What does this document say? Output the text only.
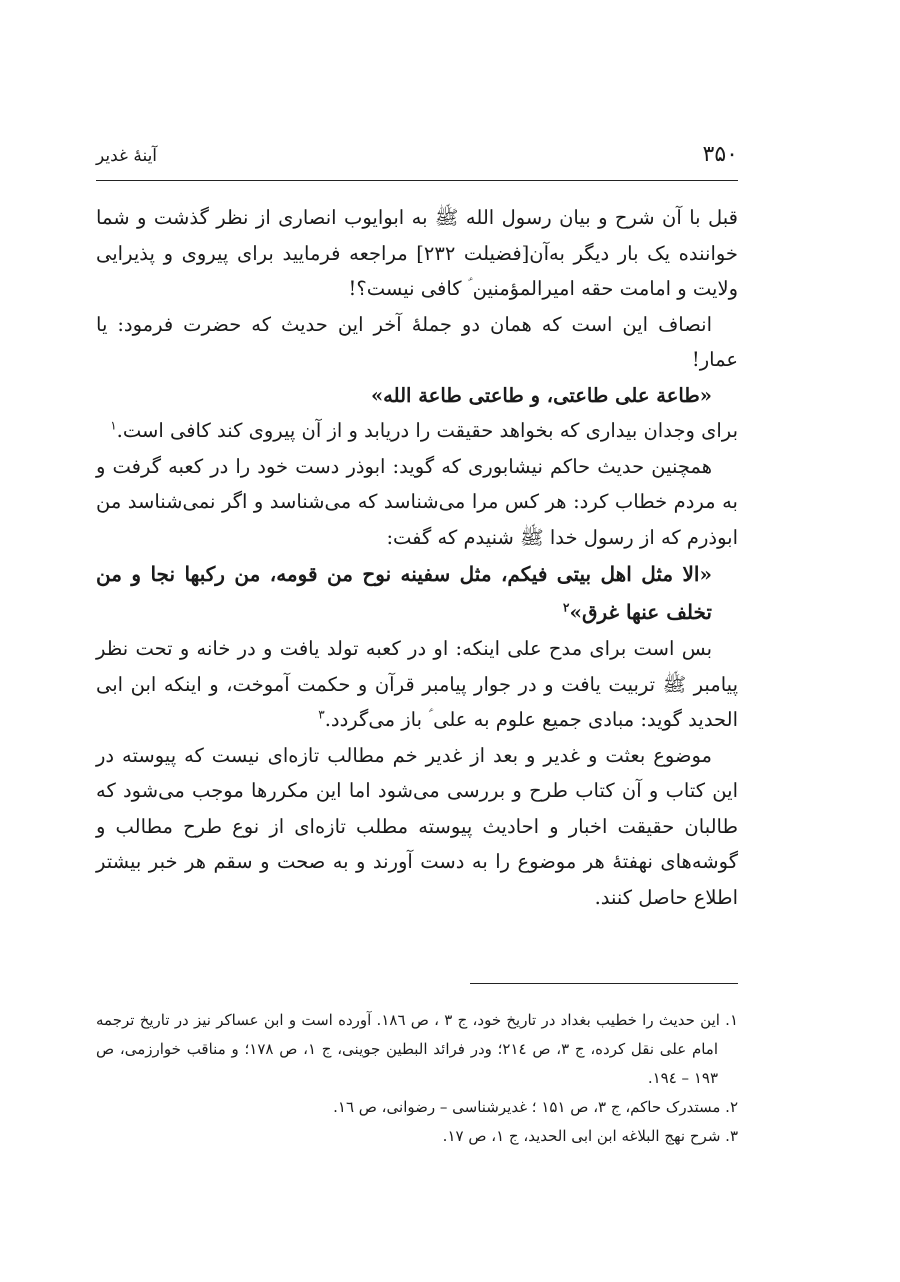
۳۵۰
آینهٔ غدیر

قبل با آن شرح و بیان رسول الله ﷺ به ابوایوب انصاری از نظر گذشت و شما خواننده یک بار دیگر به‌آن[فضیلت ۲۳۲] مراجعه فرمایید برای پیروی و پذیرایی ولایت و امامت حقه امیرالمؤمنین ؑ کافی نیست؟!

انصاف این است که همان دو جملهٔ آخر این حدیث که حضرت فرمود: یا عمار!

«طاعة علی طاعتی، و طاعتی طاعة الله»

برای وجدان بیداری که بخواهد حقیقت را دریابد و از آن پیروی کند کافی است.$^۱$

همچنین حدیث حاکم نیشابوری که گوید: ابوذر دست خود را در کعبه گرفت و به مردم خطاب کرد: هر کس مرا می‌شناسد که می‌شناسد و اگر نمی‌شناسد من ابوذرم که از رسول خدا ﷺ شنیدم که گفت:

«الا مثل اهل بیتی فیکم، مثل سفینه نوح من قومه، من رکبها نجا و من تخلف عنها غرق»$^۲$

بس است برای مدح علی اینکه: او در کعبه تولد یافت و در خانه و تحت نظر پیامبر ﷺ تربیت یافت و در جوار پیامبر قرآن و حکمت آموخت، و اینکه ابن ابی الحدید گوید: مبادی جمیع علوم به علی ؑ باز می‌گردد.$^۳$

موضوع بعثت و غدیر و بعد از غدیر خم مطالب تازه‌ای نیست که پیوسته در این کتاب و آن کتاب طرح و بررسی می‌شود اما این مکررها موجب می‌شود که طالبان حقیقت اخبار و احادیث پیوسته مطلب تازه‌ای از نوع طرح مطالب و گوشه‌های نهفتهٔ هر موضوع را به دست آورند و به صحت و سقم هر خبر بیشتر اطلاع حاصل کنند.

۱. این حدیث را خطیب بغداد در تاریخ خود، ج ۳ ، ص ۱۸٦. آورده است و ابن عساکر نیز در تاریخ ترجمه امام علی نقل کرده، ج ۳، ص ۲۱٤؛ ودر فرائد البطین جوینی، ج ۱، ص ۱۷۸؛ و مناقب خوارزمی، ص ۱۹۳ – ۱۹٤.

۲. مستدرک حاکم، ج ۳، ص ۱۵۱ ؛ غدیرشناسی – رضوانی، ص ۱٦.

۳. شرح نهج البلاغه ابن ابی الحدید، ج ۱، ص ۱۷.
